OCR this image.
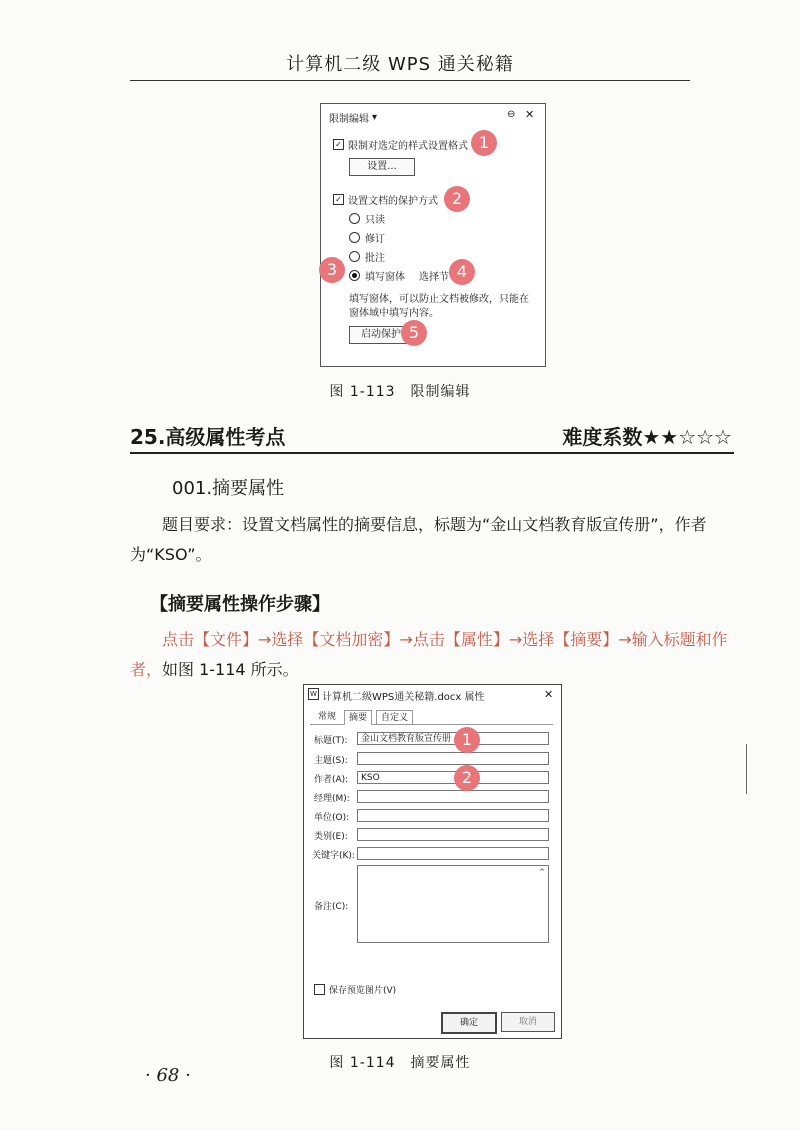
计算机二级 WPS 通关秘籍
限制编辑 ▾	⊖ ✕
✓ 限制对选定的样式设置格式
设置...
✓ 设置文档的保护方式
只读
修订
批注
填写窗体 选择节
填写窗体，可以防止文档被修改，只能在
窗体域中填写内容。
启动保护
1
2
3	4
5
图 1-113　限制编辑
25.高级属性考点	难度系数★★☆☆☆
001.摘要属性
题目要求：设置文档属性的摘要信息，标题为“金山文档教育版宣传册”，作者为“KSO”。
【摘要属性操作步骤】
点击【文件】→选择【文档加密】→点击【属性】→选择【摘要】→输入标题和作者，如图 1-114 所示。
W 计算机二级WPS通关秘籍.docx 属性	✕
常规	摘要	自定义
标题(T):	金山文档教育版宣传册
主题(S):
作者(A):	KSO
经理(M):
单位(O):
类别(E):
关键字(K):
备注(C):
^
保存预览图片(V)
确定	取消
1
2
图 1-114　摘要属性
· 68 ·
